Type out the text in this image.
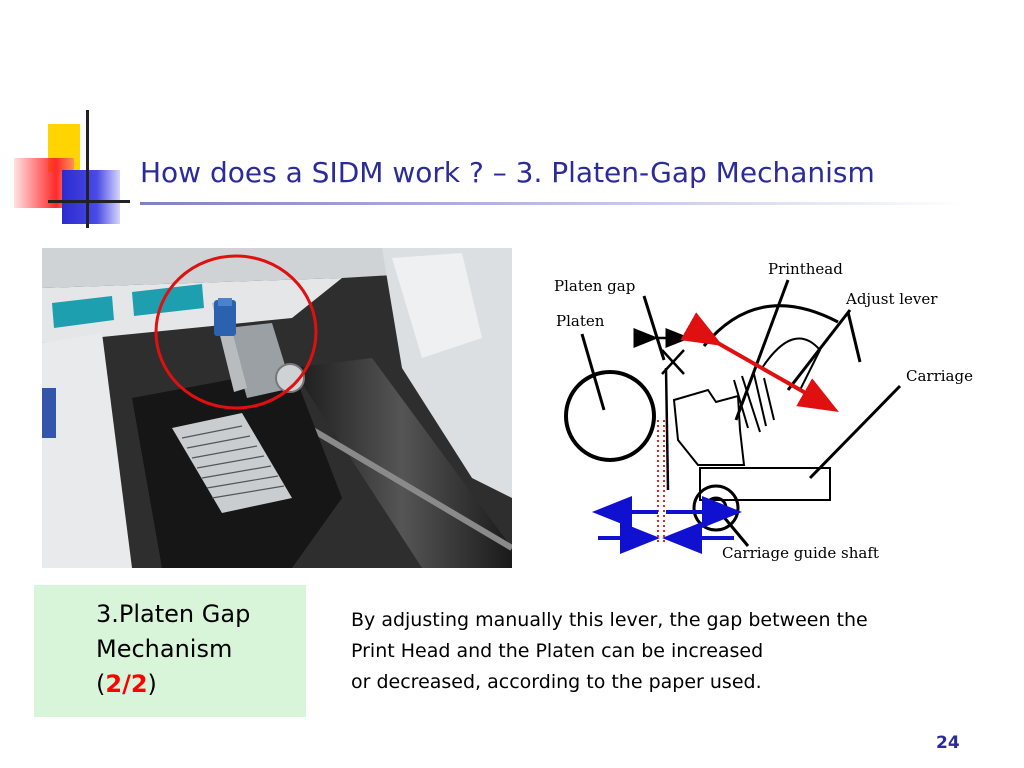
How does a SIDM work ? – 3. Platen-Gap Mechanism
Platen gap
Platen
Printhead
Adjust lever
Carriage
Carriage guide shaft
3.Platen Gap
Mechanism
(2/2)
By adjusting manually this lever, the gap between the
Print Head and the Platen can be increased
or decreased, according to the paper used.
24
